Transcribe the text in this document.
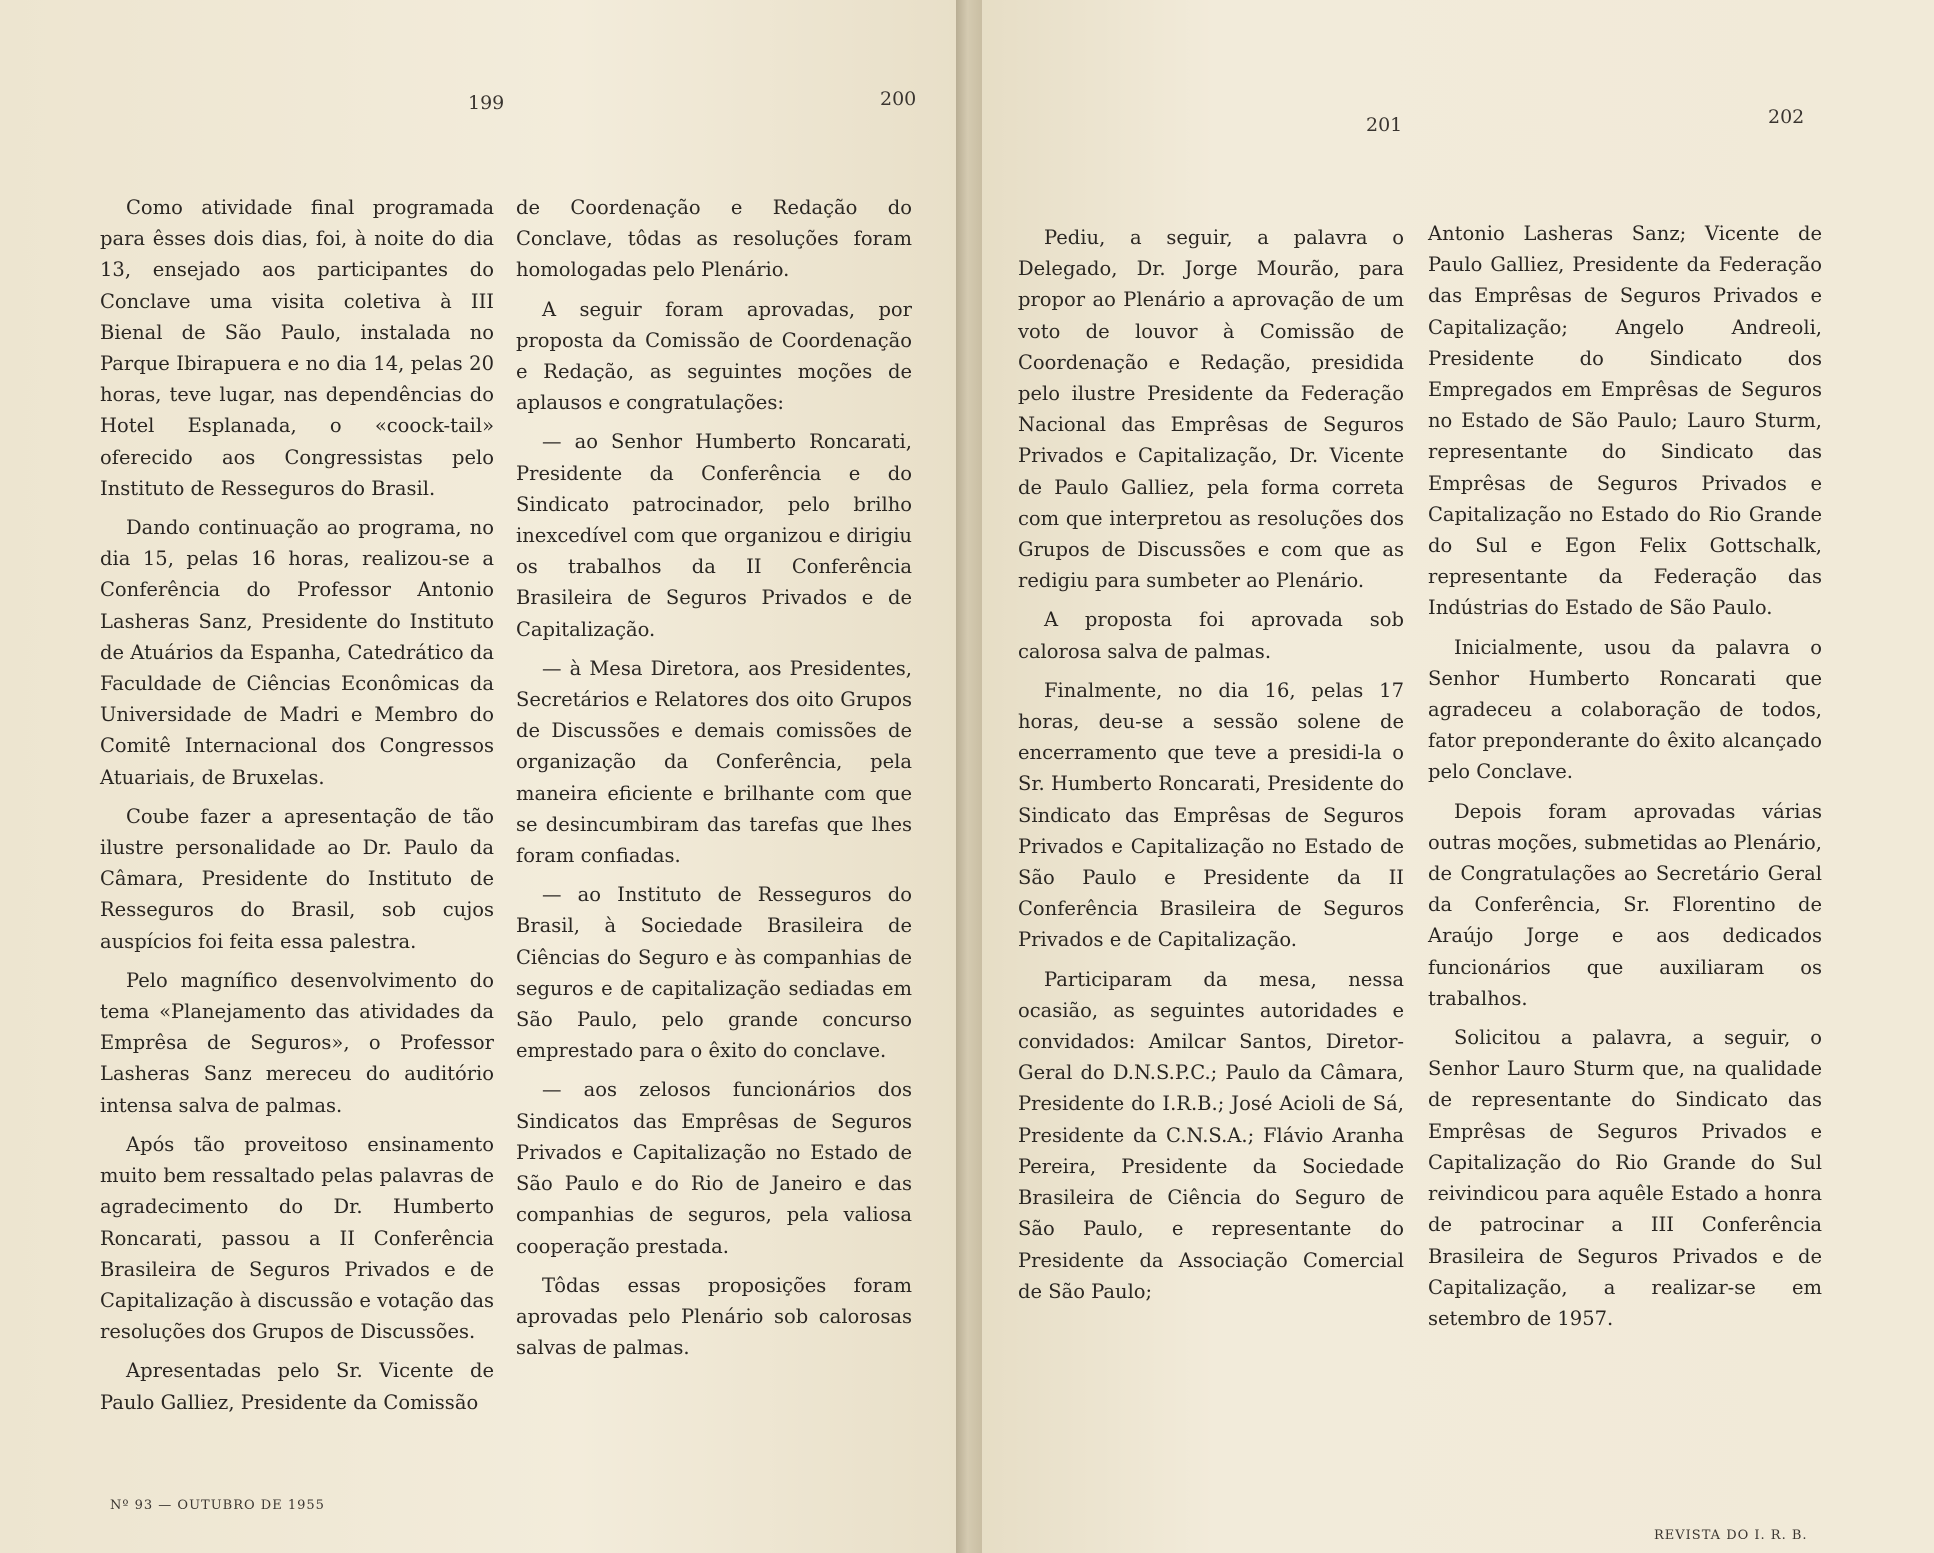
199

Como atividade final programada para êsses dois dias, foi, à noite do dia 13, ensejado aos participantes do Conclave uma visita coletiva à III Bienal de São Paulo, instalada no Parque Ibirapuera e no dia 14, pelas 20 horas, teve lugar, nas dependências do Hotel Esplanada, o «coock-tail» oferecido aos Congressistas pelo Instituto de Resseguros do Brasil.

Dando continuação ao programa, no dia 15, pelas 16 horas, realizou-se a Conferência do Professor Antonio Lasheras Sanz, Presidente do Instituto de Atuários da Espanha, Catedrático da Faculdade de Ciências Econômicas da Universidade de Madri e Membro do Comitê Internacional dos Congressos Atuariais, de Bruxelas.

Coube fazer a apresentação de tão ilustre personalidade ao Dr. Paulo da Câmara, Presidente do Instituto de Resseguros do Brasil, sob cujos auspícios foi feita essa palestra.

Pelo magnífico desenvolvimento do tema «Planejamento das atividades da Emprêsa de Seguros», o Professor Lasheras Sanz mereceu do auditório intensa salva de palmas.

Após tão proveitoso ensinamento muito bem ressaltado pelas palavras de agradecimento do Dr. Humberto Roncarati, passou a II Conferência Brasileira de Seguros Privados e de Capitalização à discussão e votação das resoluções dos Grupos de Discussões.

Apresentadas pelo Sr. Vicente de Paulo Galliez, Presidente da Comissão

Nº 93 — OUTUBRO DE 1955
200

de Coordenação e Redação do Conclave, tôdas as resoluções foram homologadas pelo Plenário.

A seguir foram aprovadas, por proposta da Comissão de Coordenação e Redação, as seguintes moções de aplausos e congratulações:

— ao Senhor Humberto Roncarati, Presidente da Conferência e do Sindicato patrocinador, pelo brilho inexcedível com que organizou e dirigiu os trabalhos da II Conferência Brasileira de Seguros Privados e de Capitalização.

— à Mesa Diretora, aos Presidentes, Secretários e Relatores dos oito Grupos de Discussões e demais comissões de organização da Conferência, pela maneira eficiente e brilhante com que se desincumbiram das tarefas que lhes foram confiadas.

— ao Instituto de Resseguros do Brasil, à Sociedade Brasileira de Ciências do Seguro e às companhias de seguros e de capitalização sediadas em São Paulo, pelo grande concurso emprestado para o êxito do conclave.

— aos zelosos funcionários dos Sindicatos das Emprêsas de Seguros Privados e Capitalização no Estado de São Paulo e do Rio de Janeiro e das companhias de seguros, pela valiosa cooperação prestada.

Tôdas essas proposições foram aprovadas pelo Plenário sob calorosas salvas de palmas.

201

Pediu, a seguir, a palavra o Delegado, Dr. Jorge Mourão, para propor ao Plenário a aprovação de um voto de louvor à Comissão de Coordenação e Redação, presidida pelo ilustre Presidente da Federação Nacional das Emprêsas de Seguros Privados e Capitalização, Dr. Vicente de Paulo Galliez, pela forma correta com que interpretou as resoluções dos Grupos de Discussões e com que as redigiu para sumbeter ao Plenário.

A proposta foi aprovada sob calorosa salva de palmas.

Finalmente, no dia 16, pelas 17 horas, deu-se a sessão solene de encerramento que teve a presidi-la o Sr. Humberto Roncarati, Presidente do Sindicato das Emprêsas de Seguros Privados e Capitalização no Estado de São Paulo e Presidente da II Conferência Brasileira de Seguros Privados e de Capitalização.

Participaram da mesa, nessa ocasião, as seguintes autoridades e convidados: Amilcar Santos, Diretor-Geral do D.N.S.P.C.; Paulo da Câmara, Presidente do I.R.B.; José Acioli de Sá, Presidente da C.N.S.A.; Flávio Aranha Pereira, Presidente da Sociedade Brasileira de Ciência do Seguro de São Paulo, e representante do Presidente da Associação Comercial de São Paulo;

202

Antonio Lasheras Sanz; Vicente de Paulo Galliez, Presidente da Federação das Emprêsas de Seguros Privados e Capitalização; Angelo Andreoli, Presidente do Sindicato dos Empregados em Emprêsas de Seguros no Estado de São Paulo; Lauro Sturm, representante do Sindicato das Emprêsas de Seguros Privados e Capitalização no Estado do Rio Grande do Sul e Egon Felix Gottschalk, representante da Federação das Indústrias do Estado de São Paulo.

Inicialmente, usou da palavra o Senhor Humberto Roncarati que agradeceu a colaboração de todos, fator preponderante do êxito alcançado pelo Conclave.

Depois foram aprovadas várias outras moções, submetidas ao Plenário, de Congratulações ao Secretário Geral da Conferência, Sr. Florentino de Araújo Jorge e aos dedicados funcionários que auxiliaram os trabalhos.

Solicitou a palavra, a seguir, o Senhor Lauro Sturm que, na qualidade de representante do Sindicato das Emprêsas de Seguros Privados e Capitalização do Rio Grande do Sul reivindicou para aquêle Estado a honra de patrocinar a III Conferência Brasileira de Seguros Privados e de Capitalização, a realizar-se em setembro de 1957.

REVISTA DO I. R. B.
